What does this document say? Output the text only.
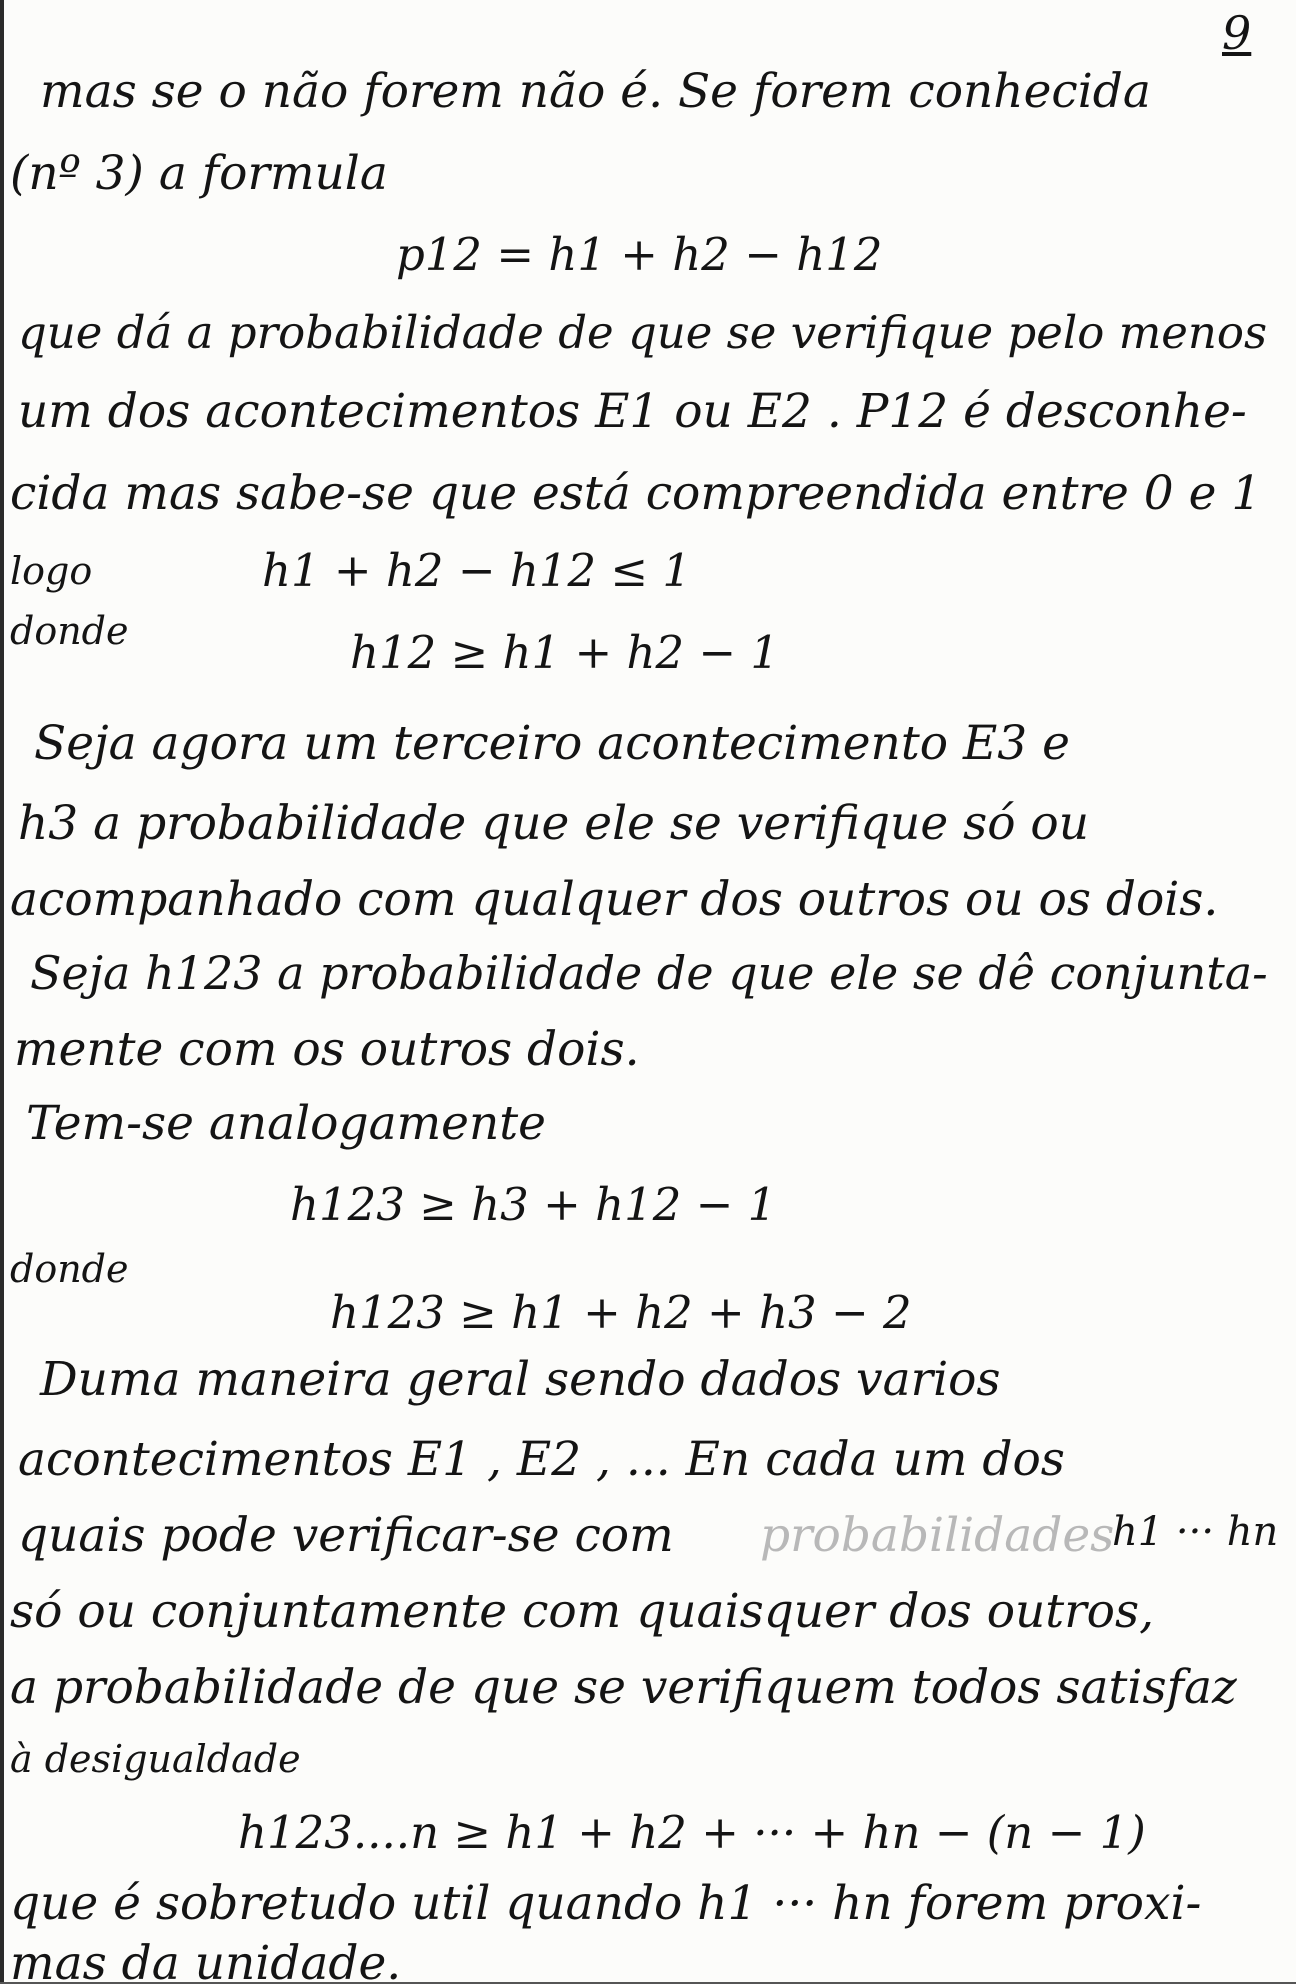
9
mas se o não forem não é. Se forem conhecida
(nº 3) a formula
p12 = h1 + h2 − h12
que dá a probabilidade de que se verifique pelo menos
um dos acontecimentos E1 ou E2 . P12 é desconhe-
cida mas sabe-se que está compreendida entre 0 e 1
logo	h1 + h2 − h12 ≤ 1
donde	h12 ≥ h1 + h2 − 1
Seja agora um terceiro acontecimento E3 e
h3 a probabilidade que ele se verifique só ou
acompanhado com qualquer dos outros ou os dois.
Seja h123 a probabilidade de que ele se dê conjunta-
mente com os outros dois.
Tem-se analogamente
h123 ≥ h3 + h12 − 1
donde
h123 ≥ h1 + h2 + h3 − 2
Duma maneira geral sendo dados varios
acontecimentos E1 , E2 , ... En cada um dos
quais pode verificar-se com probabilidades
h1 ··· hn
só ou conjuntamente com quaisquer dos outros,
a probabilidade de que se verifiquem todos satisfaz
à desigualdade
h123....n ≥ h1 + h2 + ··· + hn − (n − 1)
que é sobretudo util quando h1 ··· hn forem proxi-
mas da unidade.
